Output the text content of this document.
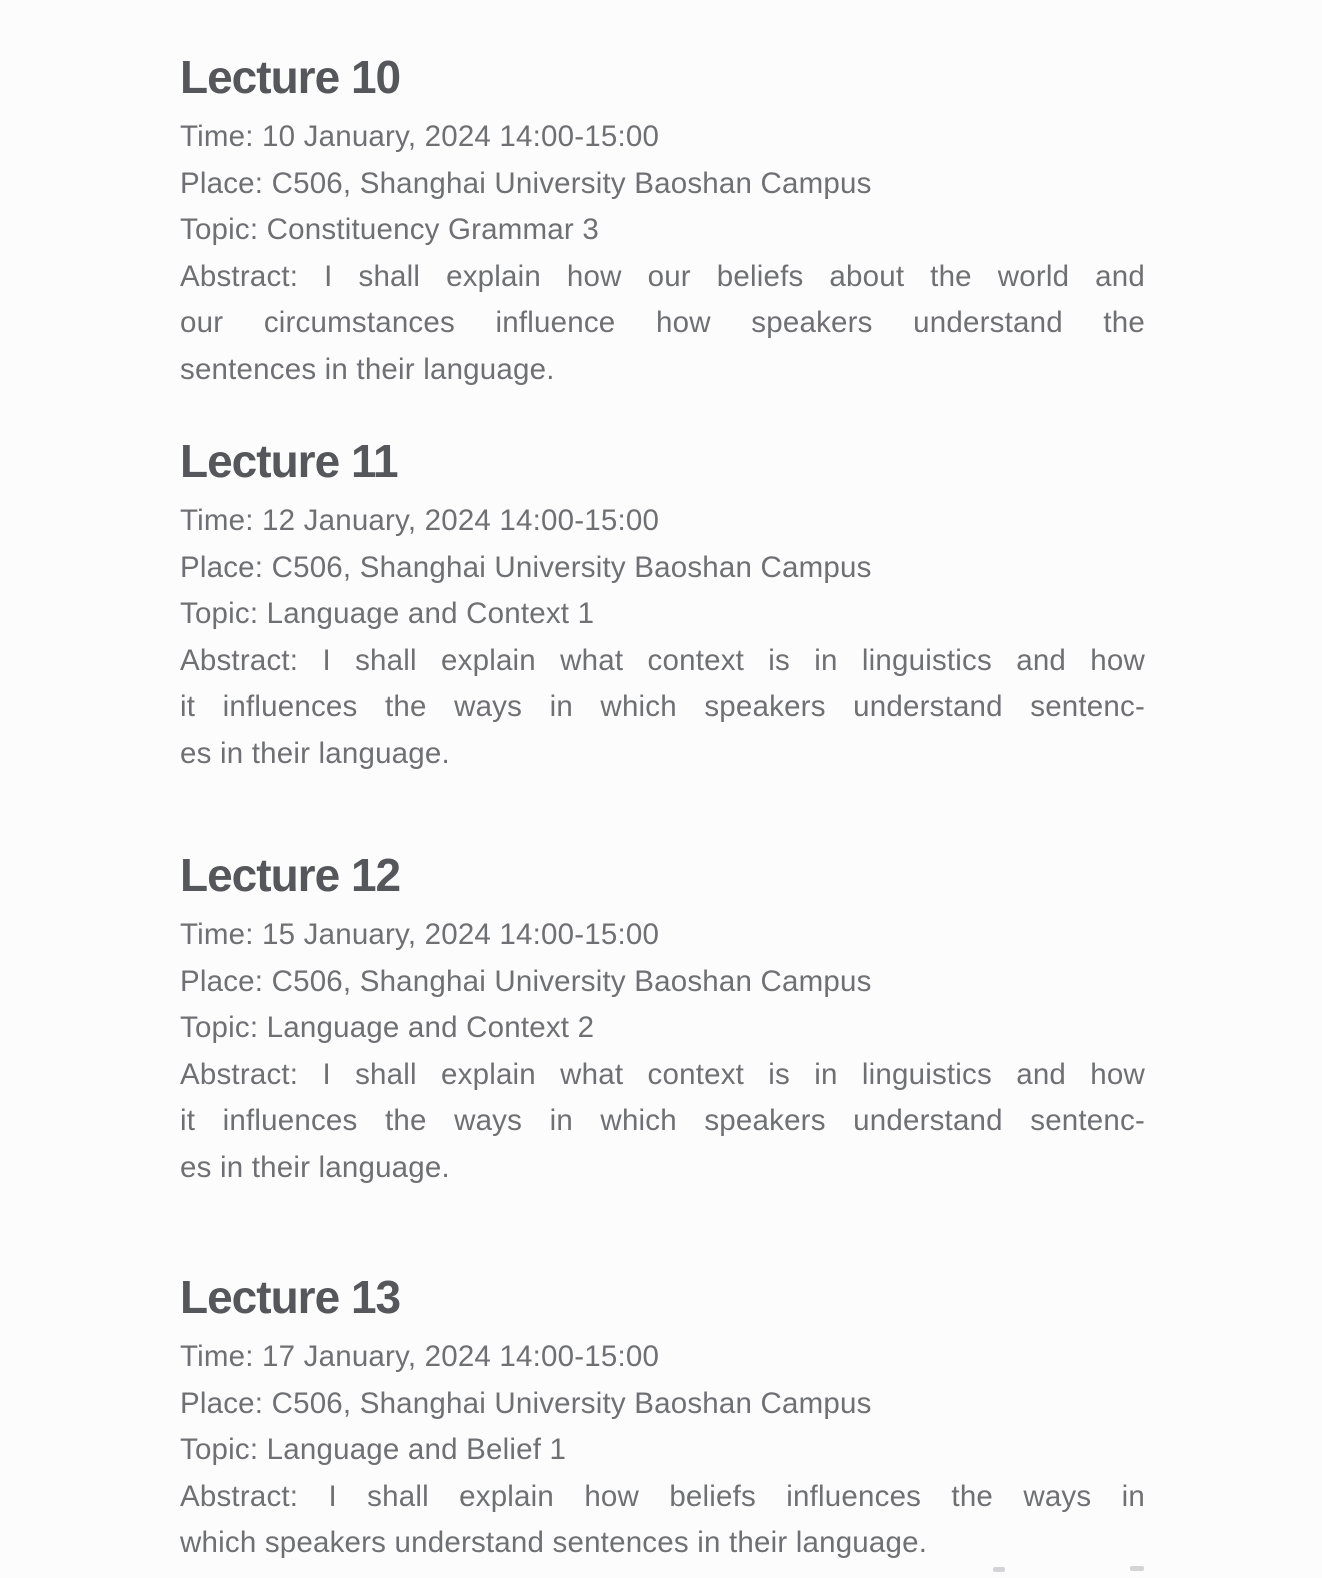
Lecture 10
Time: 10 January, 2024 14:00-15:00
Place: C506, Shanghai University Baoshan Campus
Topic: Constituency Grammar 3
Abstract: I shall explain how our beliefs about the world and
our circumstances influence how speakers understand the
sentences in their language.
Lecture 11
Time: 12 January, 2024 14:00-15:00
Place: C506, Shanghai University Baoshan Campus
Topic: Language and Context 1
Abstract: I shall explain what context is in linguistics and how
it influences the ways in which speakers understand sentenc-
es in their language.
Lecture 12
Time: 15 January, 2024 14:00-15:00
Place: C506, Shanghai University Baoshan Campus
Topic: Language and Context 2
Abstract: I shall explain what context is in linguistics and how
it influences the ways in which speakers understand sentenc-
es in their language.
Lecture 13
Time: 17 January, 2024 14:00-15:00
Place: C506, Shanghai University Baoshan Campus
Topic: Language and Belief 1
Abstract: I shall explain how beliefs influences the ways in
which speakers understand sentences in their language.
